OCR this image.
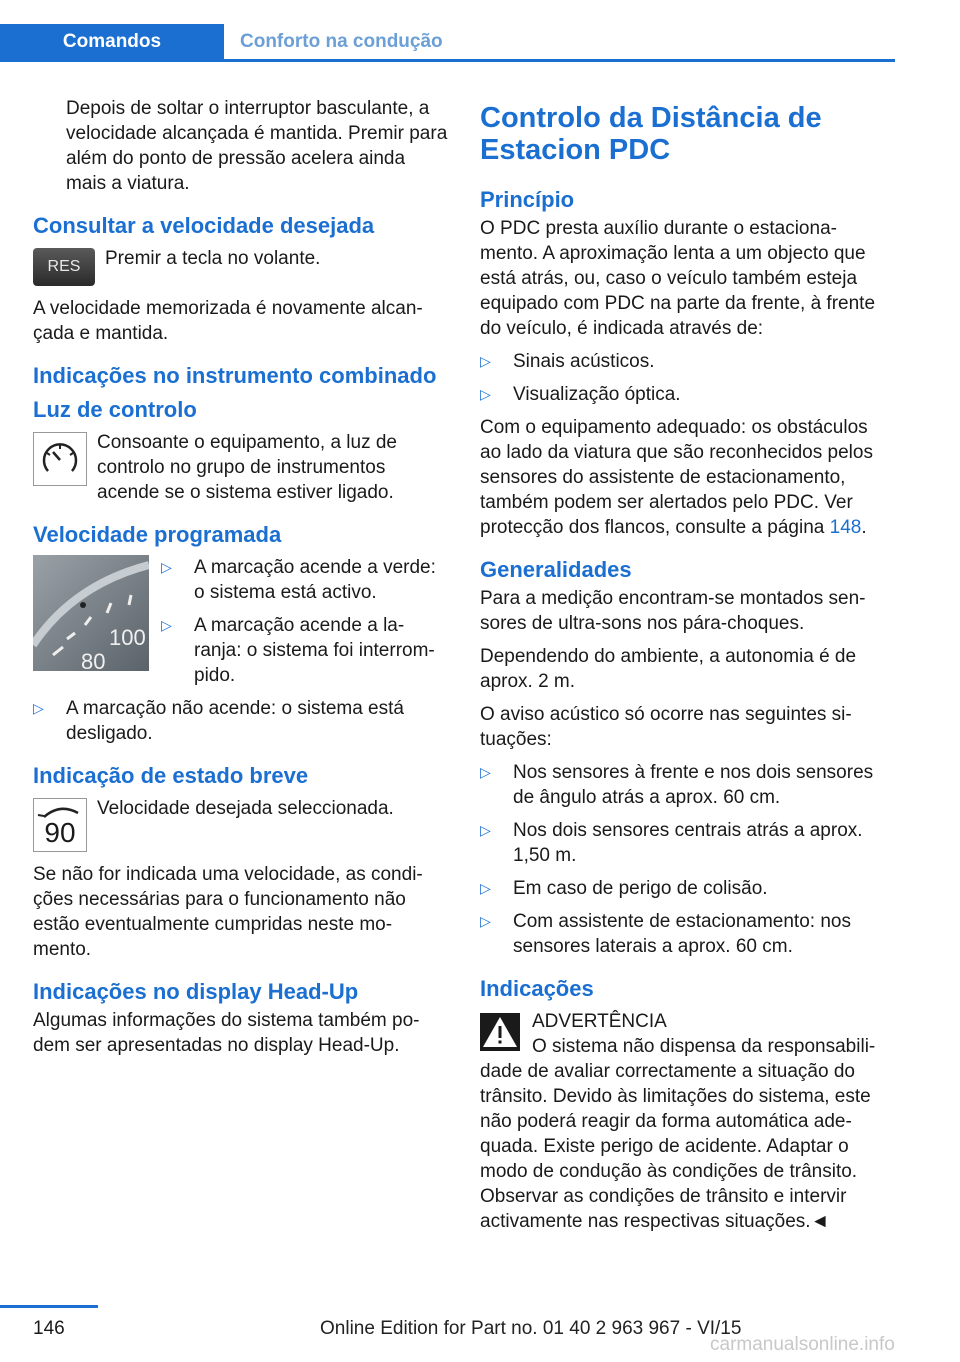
Comandos	Conforto na condução

Depois de soltar o interruptor basculante, a velocidade alcançada é mantida. Premir para além do ponto de pressão acelera ainda mais a viatura.

Consultar a velocidade desejada
RES	Premir a tecla no volante.

A velocidade memorizada é novamente alcan‐çada e mantida.

Indicações no instrumento combinado
Luz de controlo
Consoante o equipamento, a luz de controlo no grupo de instrumentos acende se o sistema estiver ligado.
Velocidade programada
100
80
▷	A marcação acende a verde: o sistema está activo.
▷	A marcação acende a la‐ranja: o sistema foi interrom‐pido.
▷	A marcação não acende: o sistema está desligado.
Indicação de estado breve
90
Velocidade desejada seleccionada.

Se não for indicada uma velocidade, as condi‐ções necessárias para o funcionamento não estão eventualmente cumpridas neste mo‐mento.

Indicações no display Head-Up

Algumas informações do sistema também po‐dem ser apresentadas no display Head-Up.

Controlo da Distância de Estacion PDC
Princípio

O PDC presta auxílio durante o estaciona‐mento. A aproximação lenta a um objecto que está atrás, ou, caso o veículo também esteja equipado com PDC na parte da frente, à frente do veículo, é indicada através de:

▷	Sinais acústicos.
▷	Visualização óptica.

Com o equipamento adequado: os obstáculos ao lado da viatura que são reconhecidos pelos sensores do assistente de estacionamento, também podem ser alertados pelo PDC. Ver protecção dos flancos, consulte a página 148.

Generalidades

Para a medição encontram-se montados sen‐sores de ultra-sons nos pára-choques.

Dependendo do ambiente, a autonomia é de aprox. 2 m.

O aviso acústico só ocorre nas seguintes si‐tuações:

▷	Nos sensores à frente e nos dois sensores de ângulo atrás a aprox. 60 cm.
▷	Nos dois sensores centrais atrás a aprox. 1,50 m.
▷	Em caso de perigo de colisão.
▷	Com assistente de estacionamento: nos sensores laterais a aprox. 60 cm.
Indicações
ADVERTÊNCIA
O sistema não dispensa da responsabili‐

dade de avaliar correctamente a situação do trânsito. Devido às limitações do sistema, este não poderá reagir da forma automática ade‐quada. Existe perigo de acidente. Adaptar o modo de condução às condições de trânsito. Observar as condições de trânsito e intervir activamente nas respectivas situações.◄

146	Online Edition for Part no. 01 40 2 963 967 - VI/15
carmanualsonline.info
